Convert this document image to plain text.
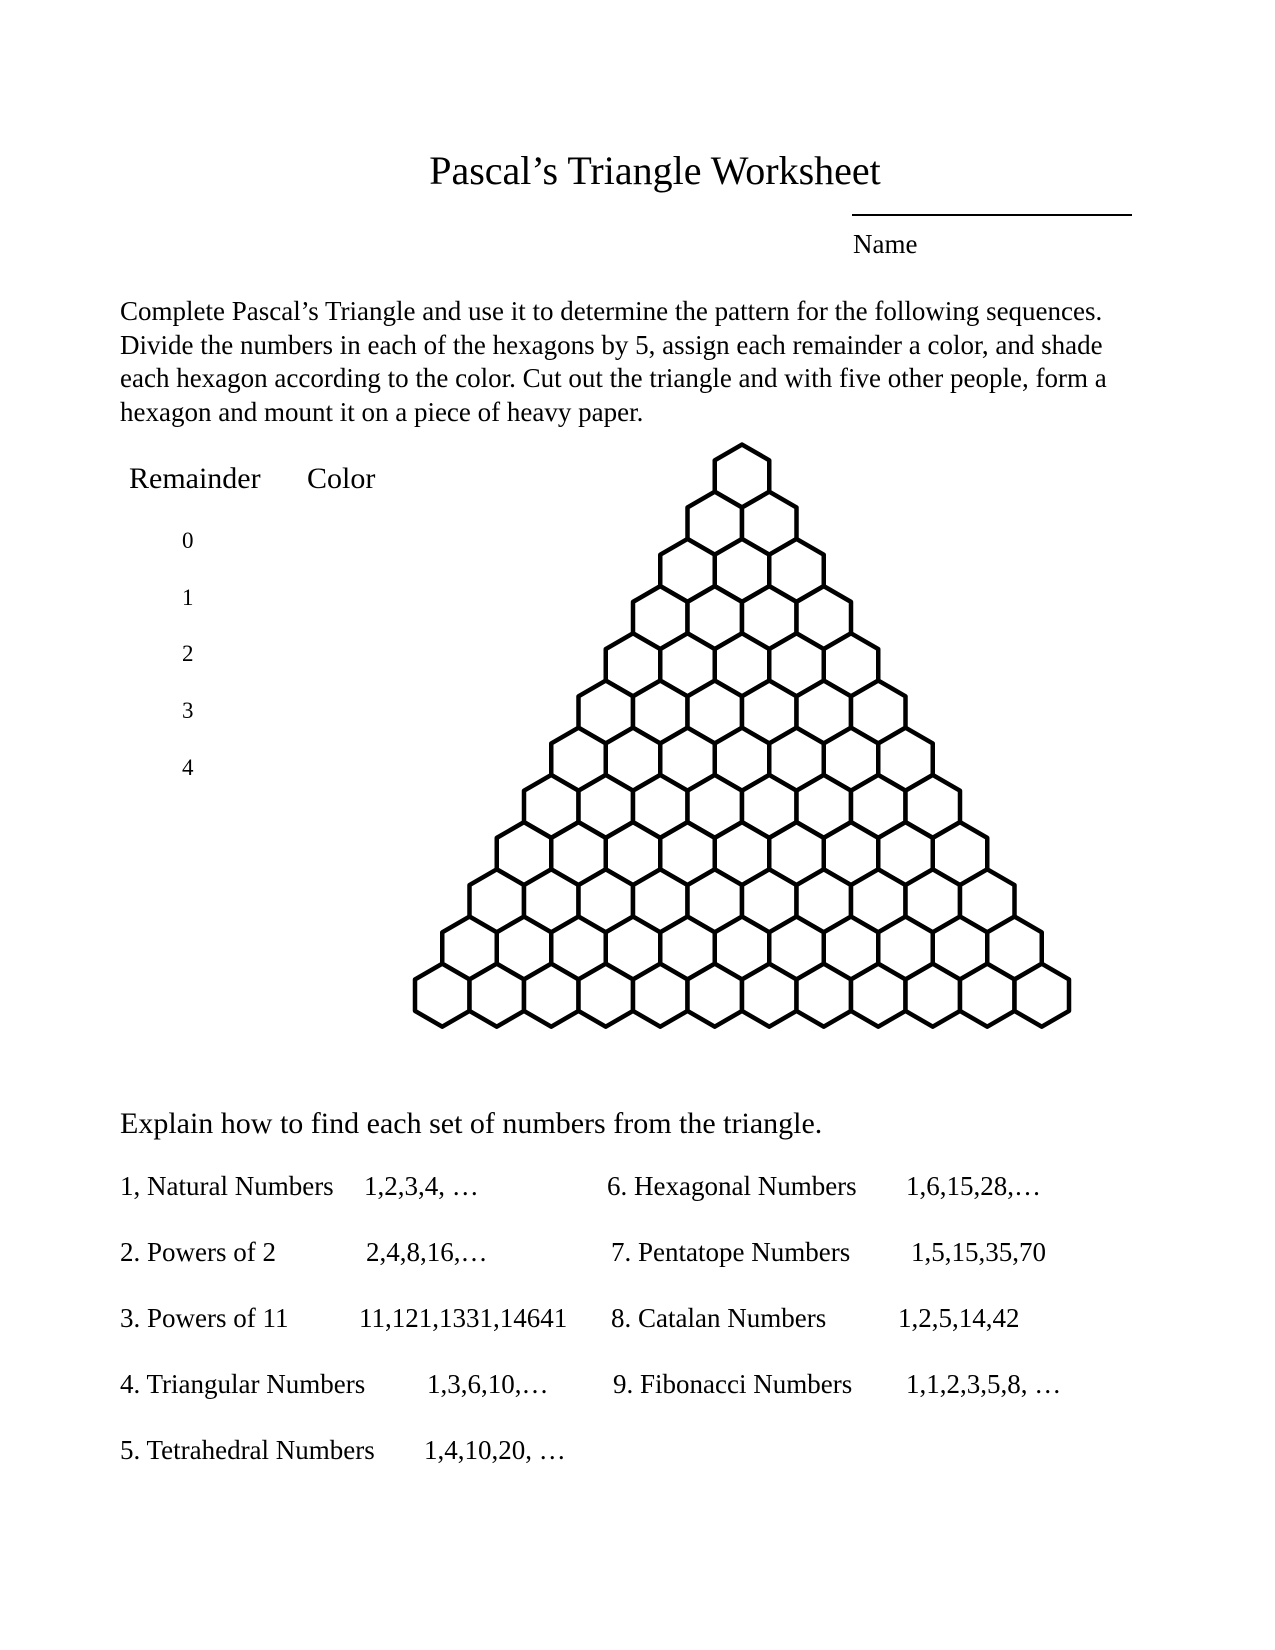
Pascal’s Triangle Worksheet
Name

Complete Pascal’s Triangle and use it to determine the pattern for the following sequences.

Divide the numbers in each of the hexagons by 5, assign each remainder a color, and shade

each hexagon according to the color. Cut out the triangle and with five other people, form a

hexagon and mount it on a piece of heavy paper.

Remainder Color
0
1
2
3
4
Explain how to find each set of numbers from the triangle.
1, Natural Numbers 1,2,3,4, …
2. Powers of 2	2,4,8,16,…
3. Powers of 11	11,121,1331,14641
4. Triangular Numbers 1,3,6,10,…
5. Tetrahedral Numbers 1,4,10,20, …
6. Hexagonal Numbers 1,6,15,28,…
7. Pentatope Numbers 1,5,15,35,70
8. Catalan Numbers	1,2,5,14,42
9. Fibonacci Numbers 1,1,2,3,5,8, …
